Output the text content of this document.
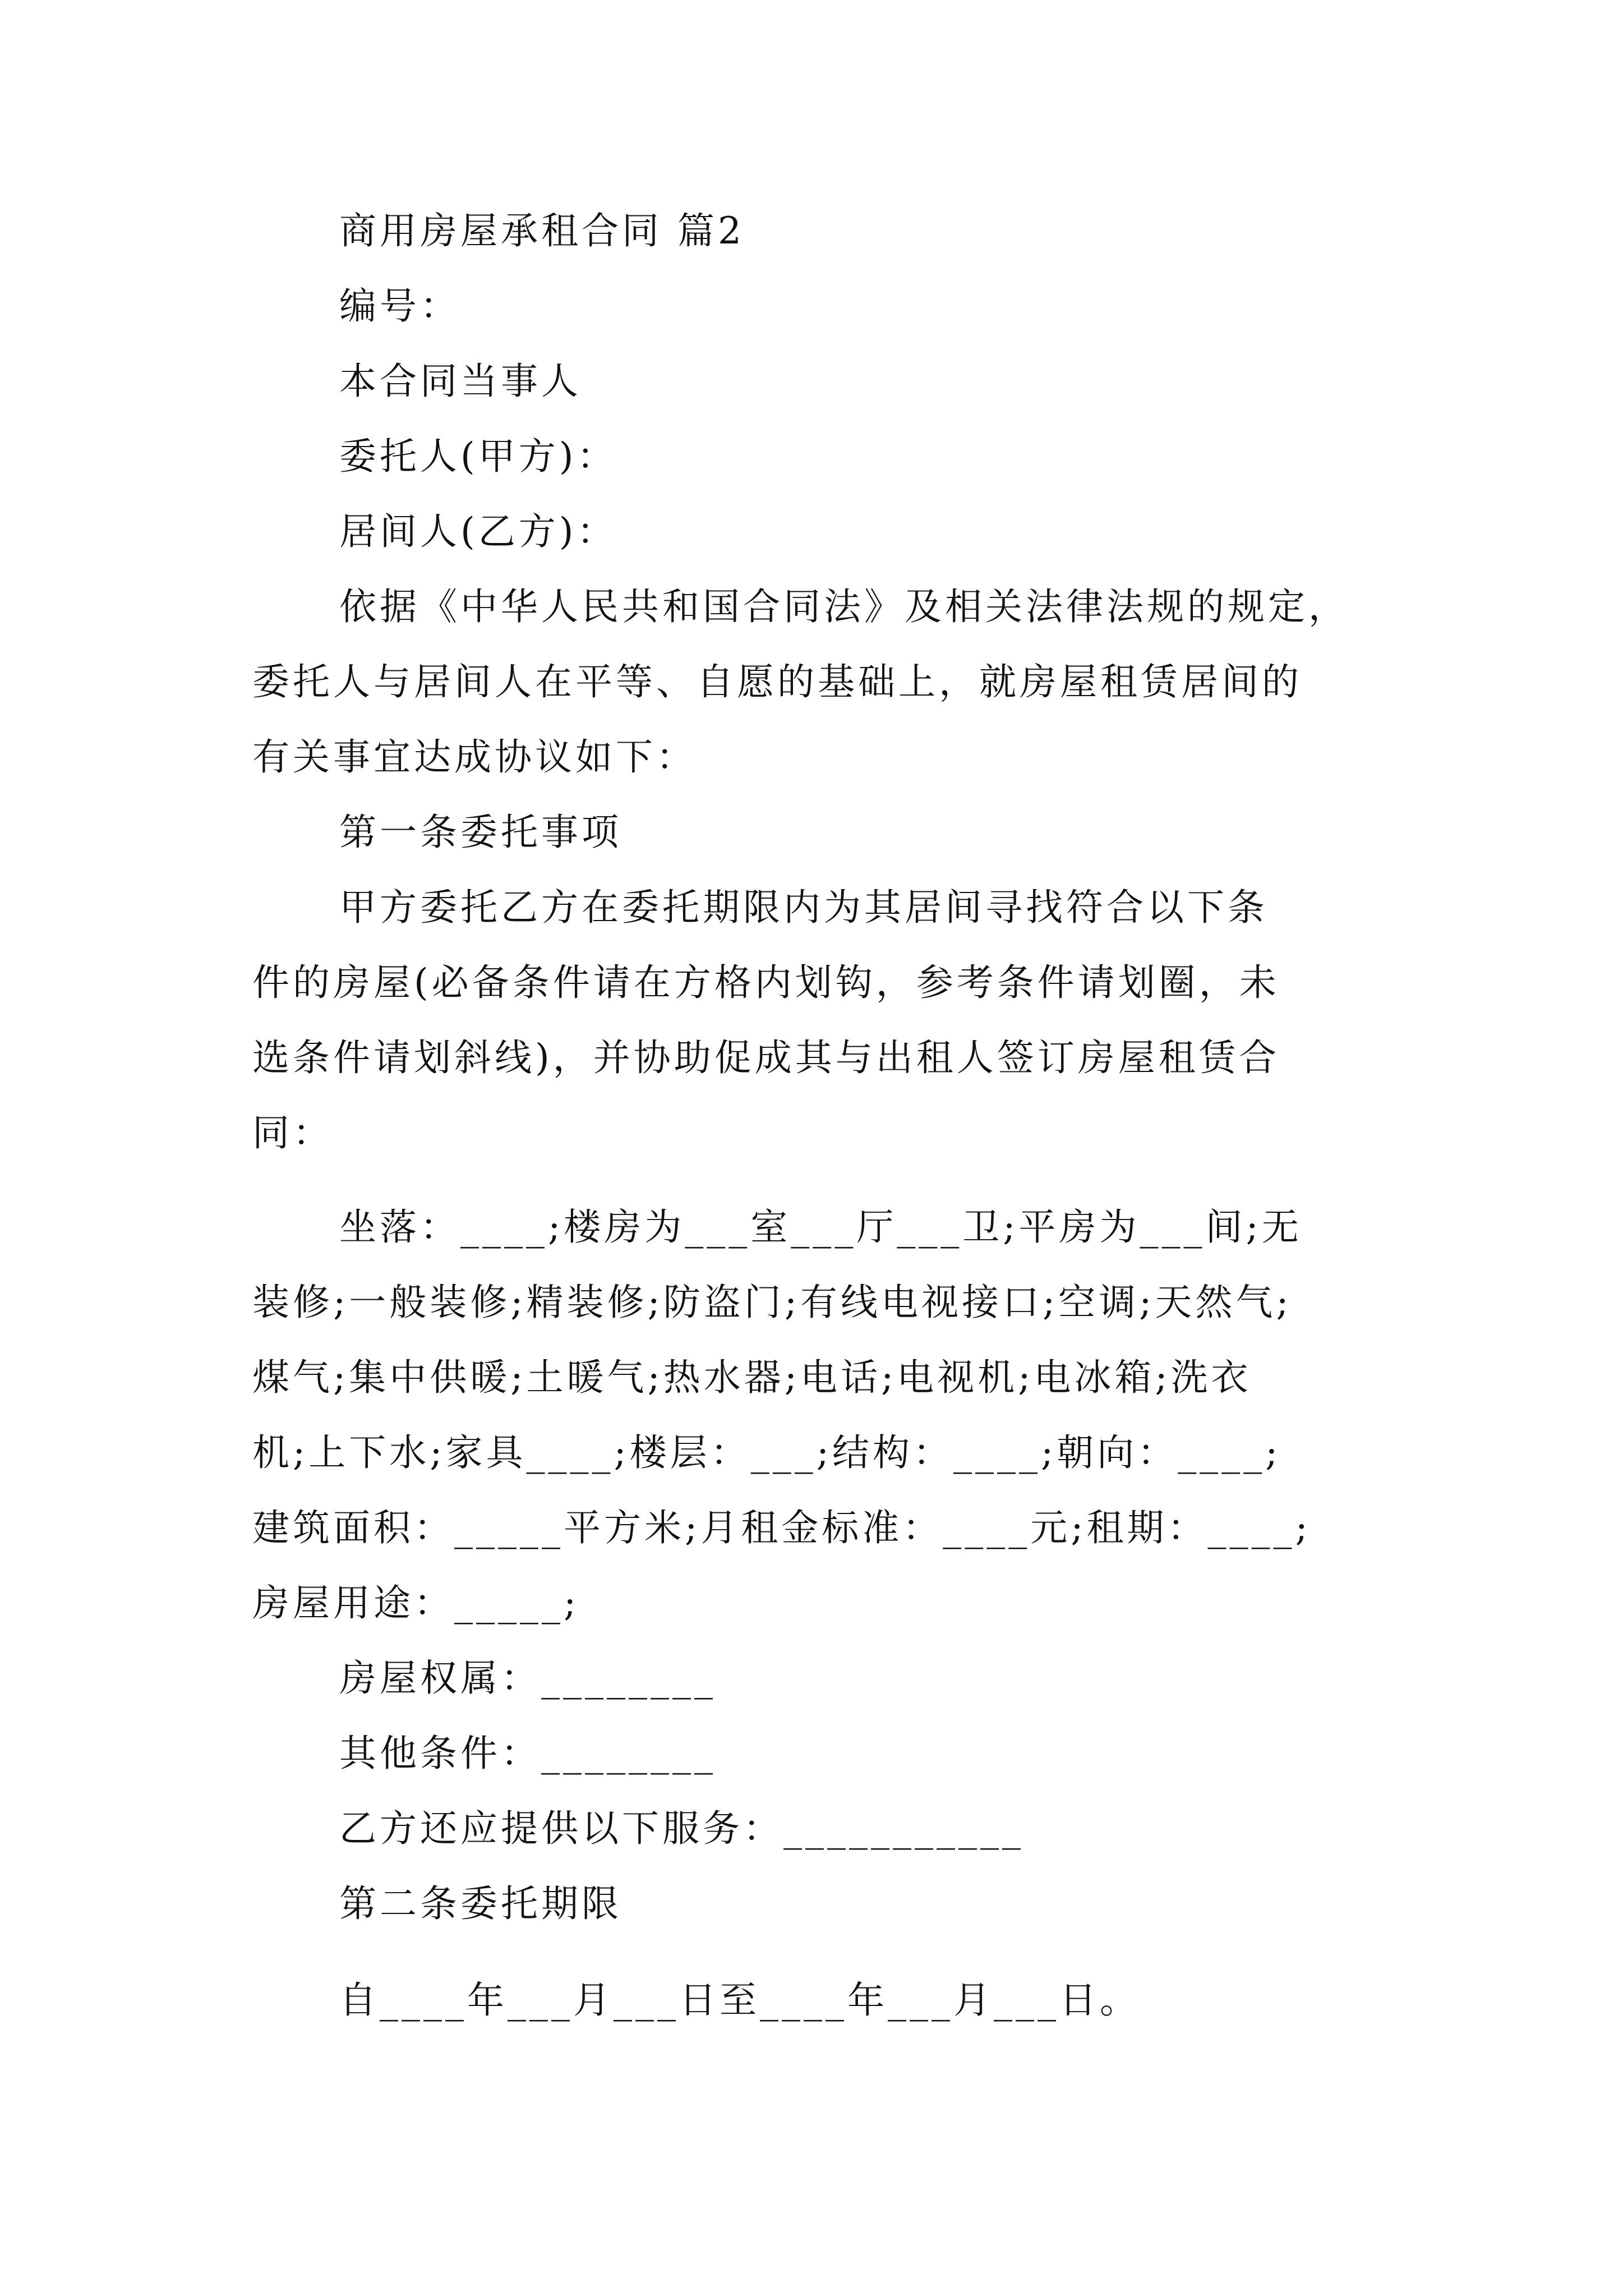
商用房屋承租合同 篇2
编号：
本合同当事人
委托人(甲方)：
居间人(乙方)：
依据《中华人民共和国合同法》及相关法律法规的规定，
委托人与居间人在平等、自愿的基础上，就房屋租赁居间的
有关事宜达成协议如下：
第一条委托事项
甲方委托乙方在委托期限内为其居间寻找符合以下条
件的房屋(必备条件请在方格内划钩，参考条件请划圈，未
选条件请划斜线)，并协助促成其与出租人签订房屋租赁合
同：
坐落：____;楼房为___室___厅___卫;平房为___间;无
装修;一般装修;精装修;防盗门;有线电视接口;空调;天然气;
煤气;集中供暖;土暖气;热水器;电话;电视机;电冰箱;洗衣
机;上下水;家具____;楼层：___;结构：____;朝向：____;
建筑面积：_____平方米;月租金标准：____元;租期：____;
房屋用途：_____;
房屋权属：________
其他条件：________
乙方还应提供以下服务：___________
第二条委托期限
自____年___月___日至____年___月___日。
